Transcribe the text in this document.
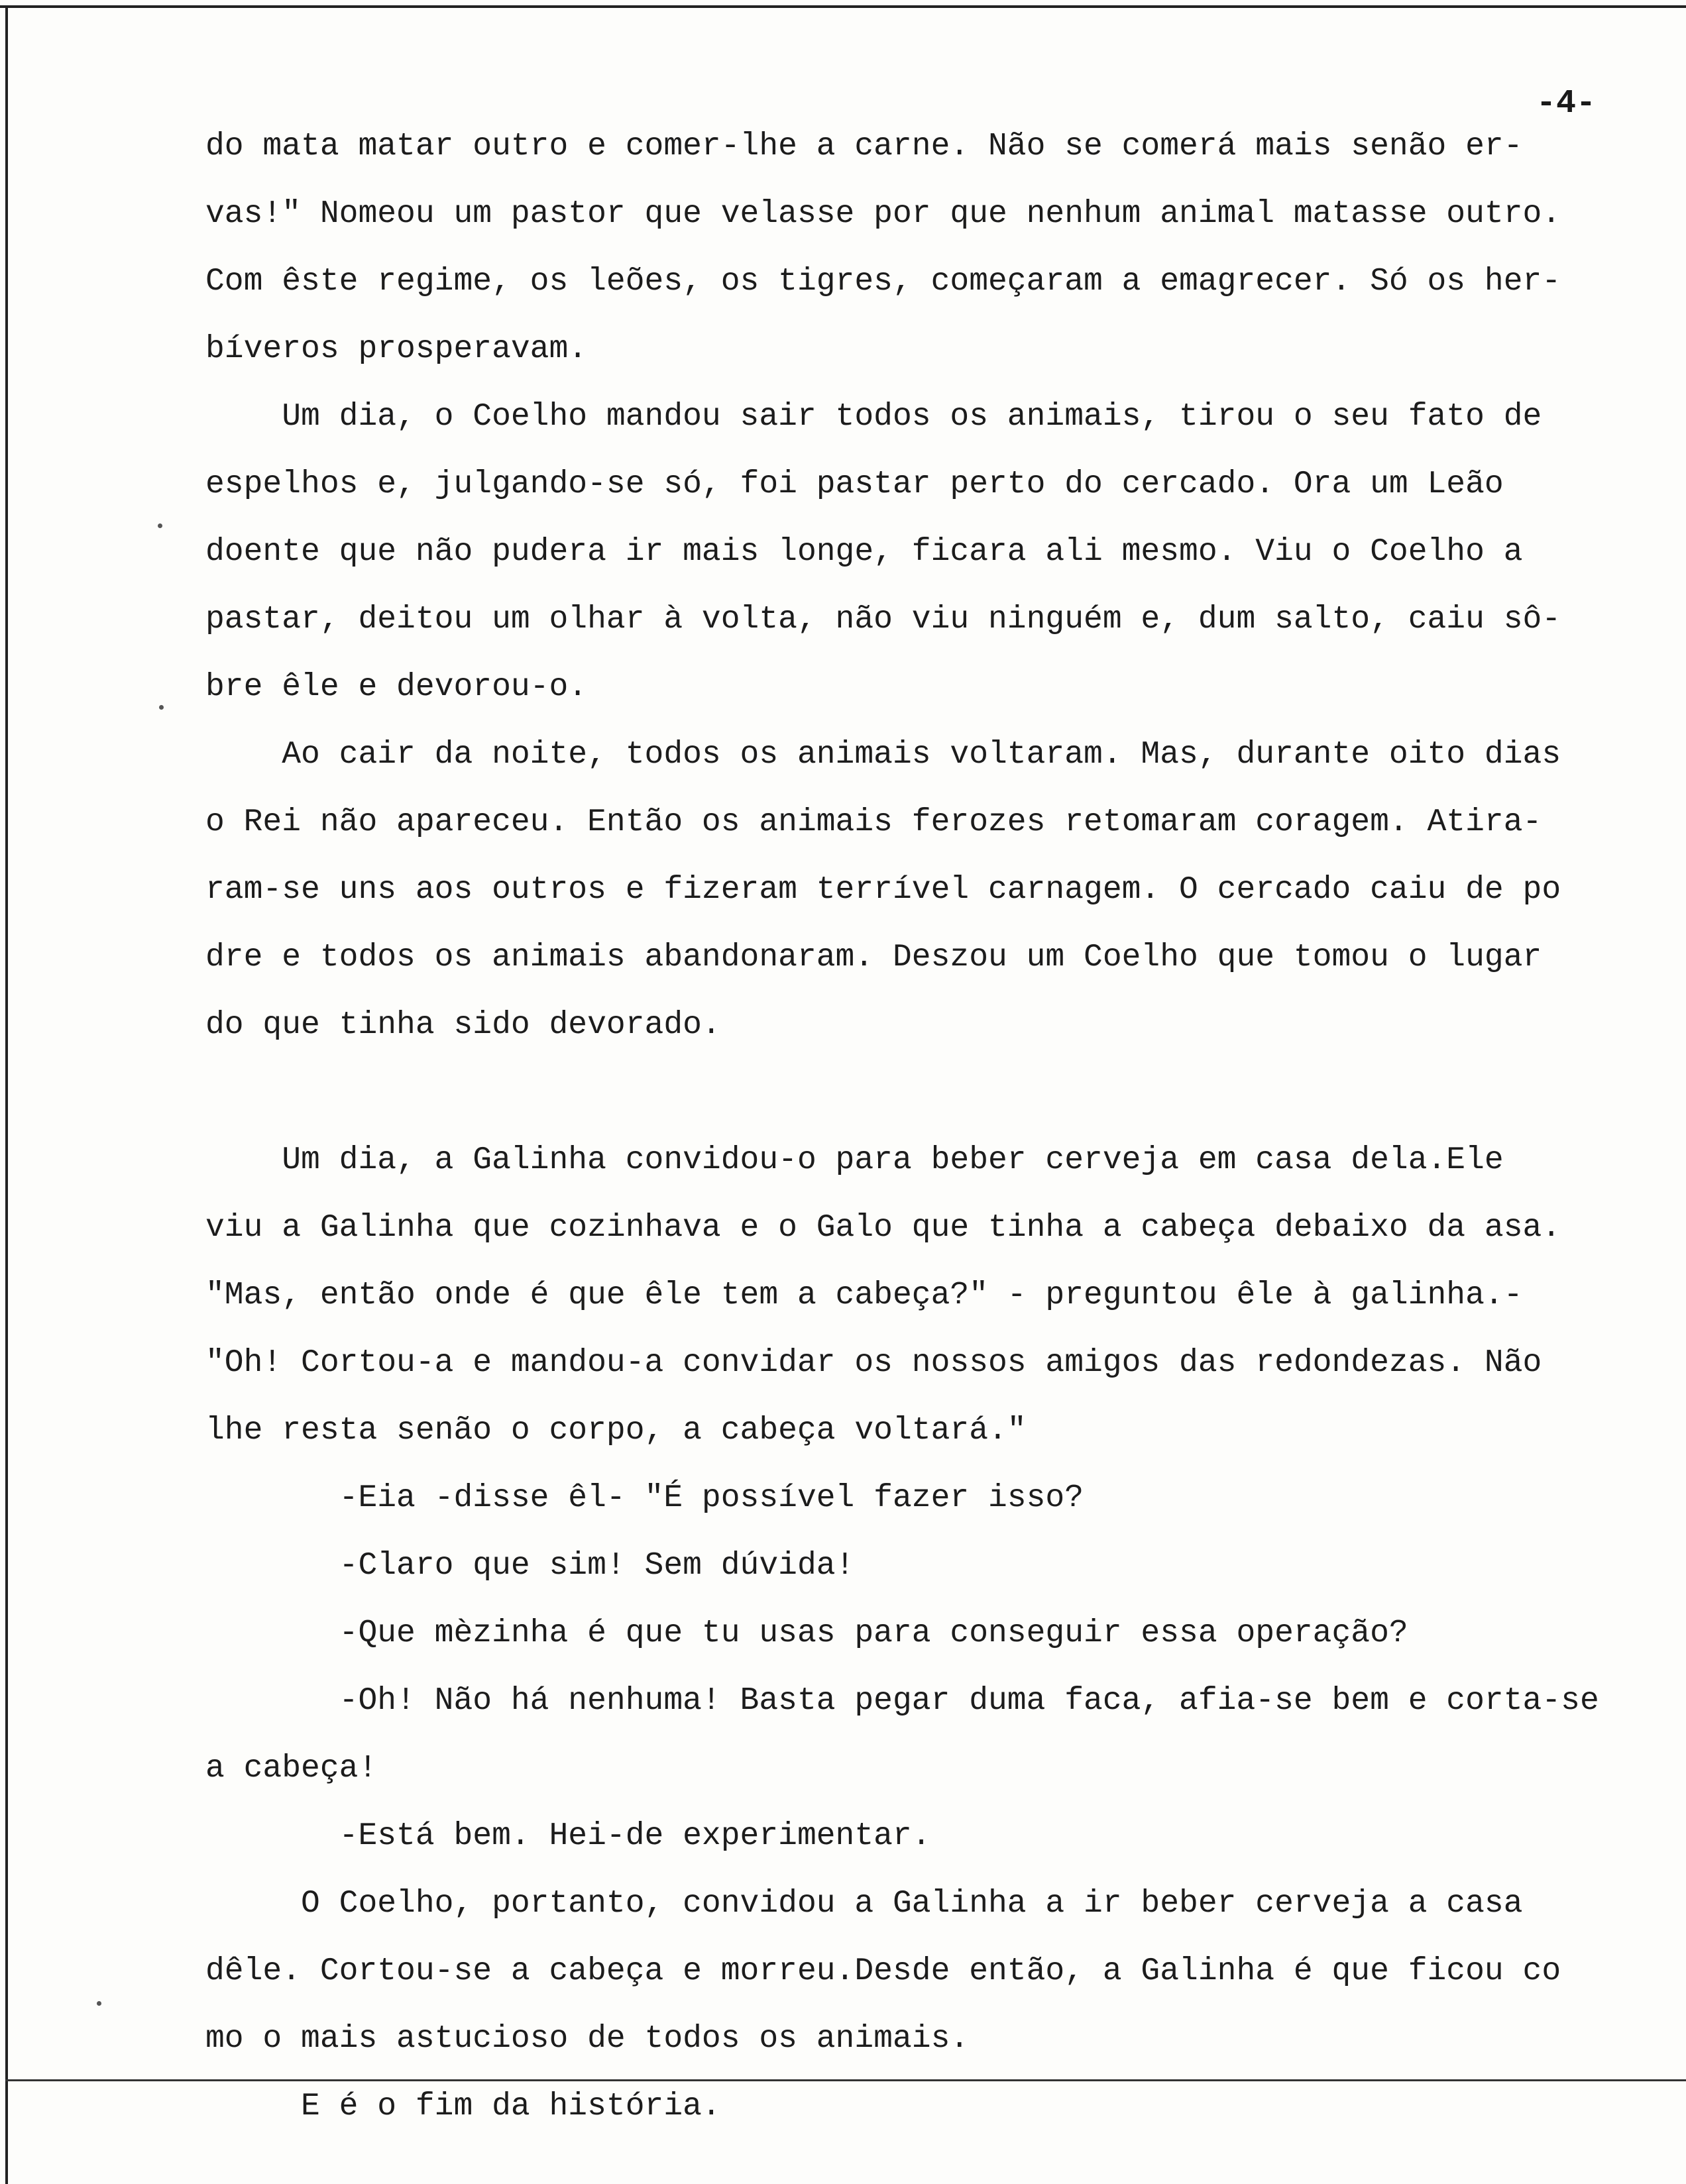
-4-
do mata matar outro e comer-lhe a carne. Não se comerá mais senão er-
vas!" Nomeou um pastor que velasse por que nenhum animal matasse outro.
Com êste regime, os leões, os tigres, começaram a emagrecer. Só os her-
bíveros prosperavam.
Um dia, o Coelho mandou sair todos os animais, tirou o seu fato de
espelhos e, julgando-se só, foi pastar perto do cercado. Ora um Leão
doente que não pudera ir mais longe, ficara ali mesmo. Viu o Coelho a
pastar, deitou um olhar à volta, não viu ninguém e, dum salto, caiu sô-
bre êle e devorou-o.
Ao cair da noite, todos os animais voltaram. Mas, durante oito dias
o Rei não apareceu. Então os animais ferozes retomaram coragem. Atira-
ram-se uns aos outros e fizeram terrível carnagem. O cercado caiu de po
dre e todos os animais abandonaram. Deszou um Coelho que tomou o lugar
do que tinha sido devorado.
Um dia, a Galinha convidou-o para beber cerveja em casa dela.Ele
viu a Galinha que cozinhava e o Galo que tinha a cabeça debaixo da asa.
"Mas, então onde é que êle tem a cabeça?" - preguntou êle à galinha.-
"Oh! Cortou-a e mandou-a convidar os nossos amigos das redondezas. Não
lhe resta senão o corpo, a cabeça voltará."
-Eia -disse êl- "É possível fazer isso?
-Claro que sim! Sem dúvida!
-Que mèzinha é que tu usas para conseguir essa operação?
-Oh! Não há nenhuma! Basta pegar duma faca, afia-se bem e corta-se
a cabeça!
-Está bem. Hei-de experimentar.
O Coelho, portanto, convidou a Galinha a ir beber cerveja a casa
dêle. Cortou-se a cabeça e morreu.Desde então, a Galinha é que ficou co
mo o mais astucioso de todos os animais.
E é o fim da história.
